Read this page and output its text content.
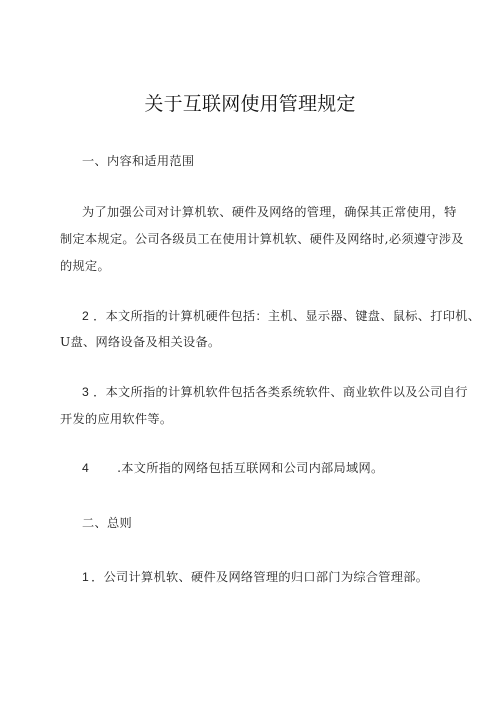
关于互联网使用管理规定
一、内容和适用范围
为了加强公司对计算机软、硬件及网络的管理，确保其正常使用，特
制定本规定。公司各级员工在使用计算机软、硬件及网络时,必须遵守涉及
的规定。
2 ．本文所指的计算机硬件包括：主机、显示器、键盘、鼠标、打印机、
U盘、网络设备及相关设备。
3 ．本文所指的计算机软件包括各类系统软件、商业软件以及公司自行
开发的应用软件等。
4 .本文所指的网络包括互联网和公司内部局域网。
二、总则
1 ．公司计算机软、硬件及网络管理的归口部门为综合管理部。
